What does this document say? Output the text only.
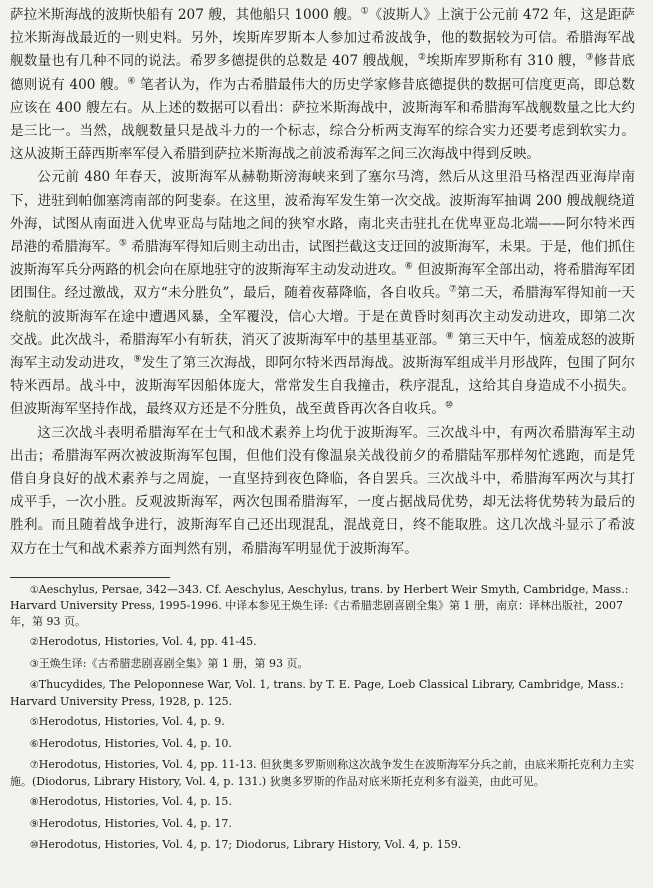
萨拉米斯海战的波斯快船有 207 艘，其他船只 1000 艘。①《波斯人》上演于公元前 472 年，这是距萨拉米斯海战最近的一则史料。另外，埃斯库罗斯本人参加过希波战争，他的数据较为可信。希腊海军战舰数量也有几种不同的说法。希罗多德提供的总数是 407 艘战舰，②埃斯库罗斯称有 310 艘，③修昔底德则说有 400 艘。④ 笔者认为，作为古希腊最伟大的历史学家修昔底德提供的数据可信度更高，即总数应该在 400 艘左右。从上述的数据可以看出：萨拉米斯海战中，波斯海军和希腊海军战舰数量之比大约是三比一。当然，战舰数量只是战斗力的一个标志，综合分析两支海军的综合实力还要考虑到软实力。这从波斯王薛西斯率军侵入希腊到萨拉米斯海战之前波希海军之间三次海战中得到反映。

公元前 480 年春天，波斯海军从赫勒斯滂海峡来到了塞尔马湾，然后从这里沿马格涅西亚海岸南下，进驻到帕伽塞湾南部的阿斐泰。在这里，波希海军发生第一次交战。波斯海军抽调 200 艘战舰绕道外海，试图从南面进入优卑亚岛与陆地之间的狭窄水路，南北夹击驻扎在优卑亚岛北端——阿尔特米西昂港的希腊海军。⑤ 希腊海军得知后则主动出击，试图拦截这支迂回的波斯海军，未果。于是，他们抓住波斯海军兵分两路的机会向在原地驻守的波斯海军主动发动进攻。⑥ 但波斯海军全部出动，将希腊海军团团围住。经过激战，双方“未分胜负”，最后，随着夜幕降临，各自收兵。⑦第二天，希腊海军得知前一天绕航的波斯海军在途中遭遇风暴，全军覆没，信心大增。于是在黄昏时刻再次主动发动进攻，即第二次交战。此次战斗，希腊海军小有斩获，消灭了波斯海军中的基里基亚部。⑧ 第三天中午，恼羞成怒的波斯海军主动发动进攻，⑨发生了第三次海战，即阿尔特米西昂海战。波斯海军组成半月形战阵，包围了阿尔特米西昂。战斗中，波斯海军因船体庞大，常常发生自我撞击，秩序混乱，这给其自身造成不小损失。但波斯海军坚持作战，最终双方还是不分胜负，战至黄昏再次各自收兵。⑩

这三次战斗表明希腊海军在士气和战术素养上均优于波斯海军。三次战斗中，有两次希腊海军主动出击；希腊海军两次被波斯海军包围，但他们没有像温泉关战役前夕的希腊陆军那样匆忙逃跑，而是凭借自身良好的战术素养与之周旋，一直坚持到夜色降临，各自罢兵。三次战斗中，希腊海军两次与其打成平手，一次小胜。反观波斯海军，两次包围希腊海军，一度占据战局优势，却无法将优势转为最后的胜利。而且随着战争进行，波斯海军自己还出现混乱，混战竟日，终不能取胜。这几次战斗显示了希波双方在士气和战术素养方面判然有别，希腊海军明显优于波斯海军。

①Aeschylus, Persae, 342—343. Cf. Aeschylus, Aeschylus, trans. by Herbert Weir Smyth, Cambridge, Mass.: Harvard University Press, 1995-1996. 中译本参见王焕生译:《古希腊悲剧喜剧全集》第 1 册，南京：译林出版社，2007 年，第 93 页。
②Herodotus, Histories, Vol. 4, pp. 41-45.
③王焕生译:《古希腊悲剧喜剧全集》第 1 册，第 93 页。
④Thucydides, The Peloponnese War, Vol. 1, trans. by T. E. Page, Loeb Classical Library, Cambridge, Mass.: Harvard University Press, 1928, p. 125.
⑤Herodotus, Histories, Vol. 4, p. 9.
⑥Herodotus, Histories, Vol. 4, p. 10.
⑦Herodotus, Histories, Vol. 4, pp. 11-13. 但狄奥多罗斯则称这次战争发生在波斯海军分兵之前，由底米斯托克利力主实施。(Diodorus, Library History, Vol. 4, p. 131.) 狄奥多罗斯的作品对底米斯托克利多有溢美，由此可见。
⑧Herodotus, Histories, Vol. 4, p. 15.
⑨Herodotus, Histories, Vol. 4, p. 17.
⑩Herodotus, Histories, Vol. 4, p. 17; Diodorus, Library History, Vol. 4, p. 159.
